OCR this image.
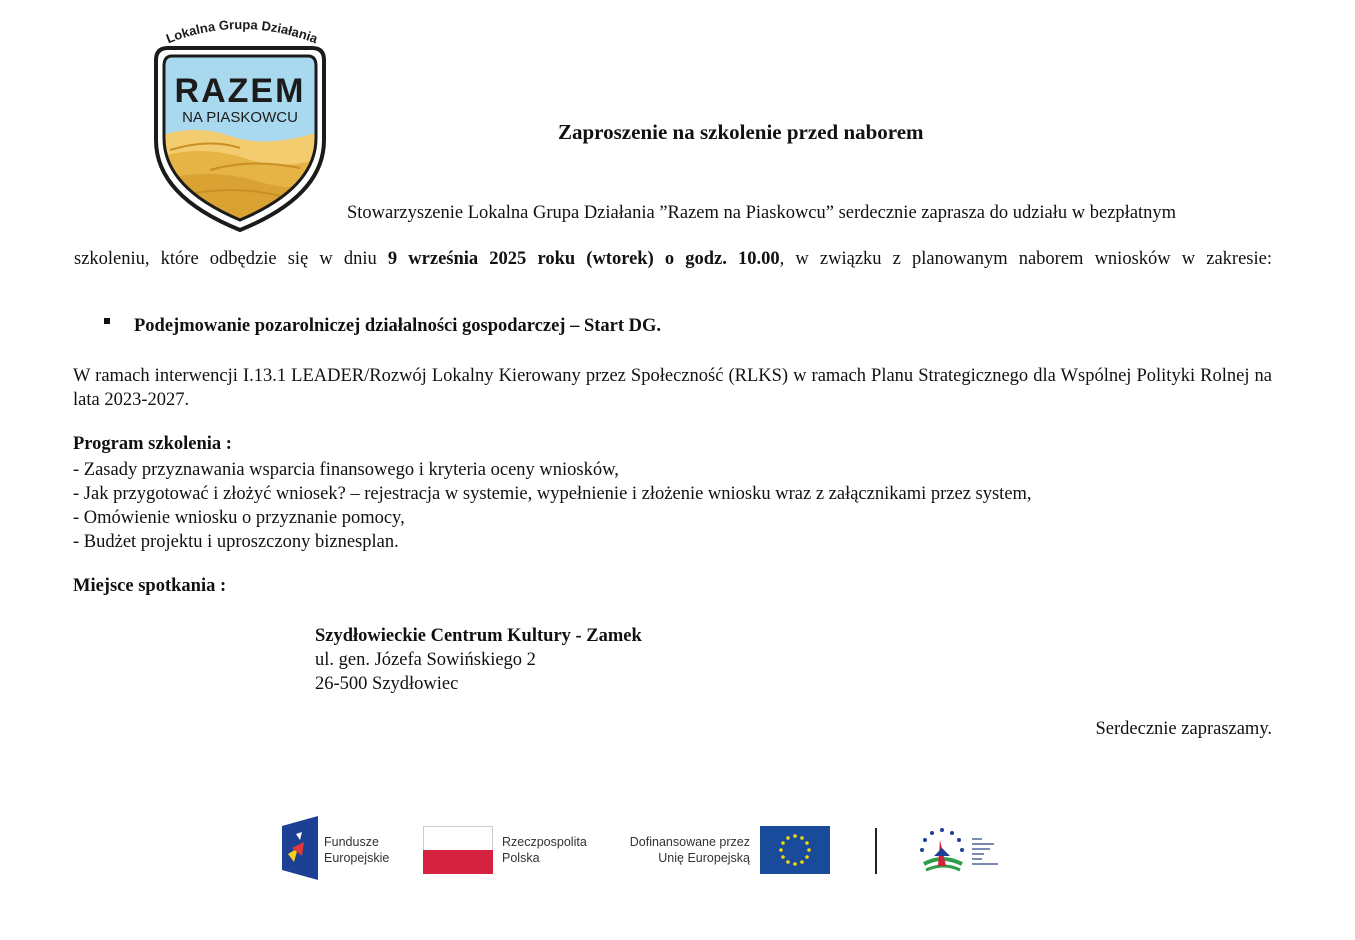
Lokalna Grupa Działania
RAZEM
NA PIASKOWCU
Zaproszenie na szkolenie przed naborem

Stowarzyszenie Lokalna Grupa Działania ”Razem na Piaskowcu” serdecznie zaprasza do udziału w bezpłatnym

szkoleniu, które odbędzie się w dniu 9 września 2025 roku (wtorek) o godz. 10.00, w związku z planowanym naborem wniosków w zakresie:

Podejmowanie pozarolniczej działalności gospodarczej – Start DG.

W ramach interwencji I.13.1 LEADER/Rozwój Lokalny Kierowany przez Społeczność (RLKS) w ramach Planu Strategicznego dla Wspólnej Polityki Rolnej na lata 2023-2027.

Program szkolenia :
- Zasady przyznawania wsparcia finansowego i kryteria oceny wniosków,
- Jak przygotować i złożyć wniosek? – rejestracja w systemie, wypełnienie i złożenie wniosku wraz z załącznikami przez system,
- Omówienie wniosku o przyznanie pomocy,
- Budżet projektu i uproszczony biznesplan.
Miejsce spotkania :
Szydłowieckie Centrum Kultury - Zamek
ul. gen. Józefa Sowińskiego 2
26-500 Szydłowiec
Serdecznie zapraszamy.
Fundusze
Europejskie
Rzeczpospolita
Polska
Dofinansowane przez
Unię Europejską
